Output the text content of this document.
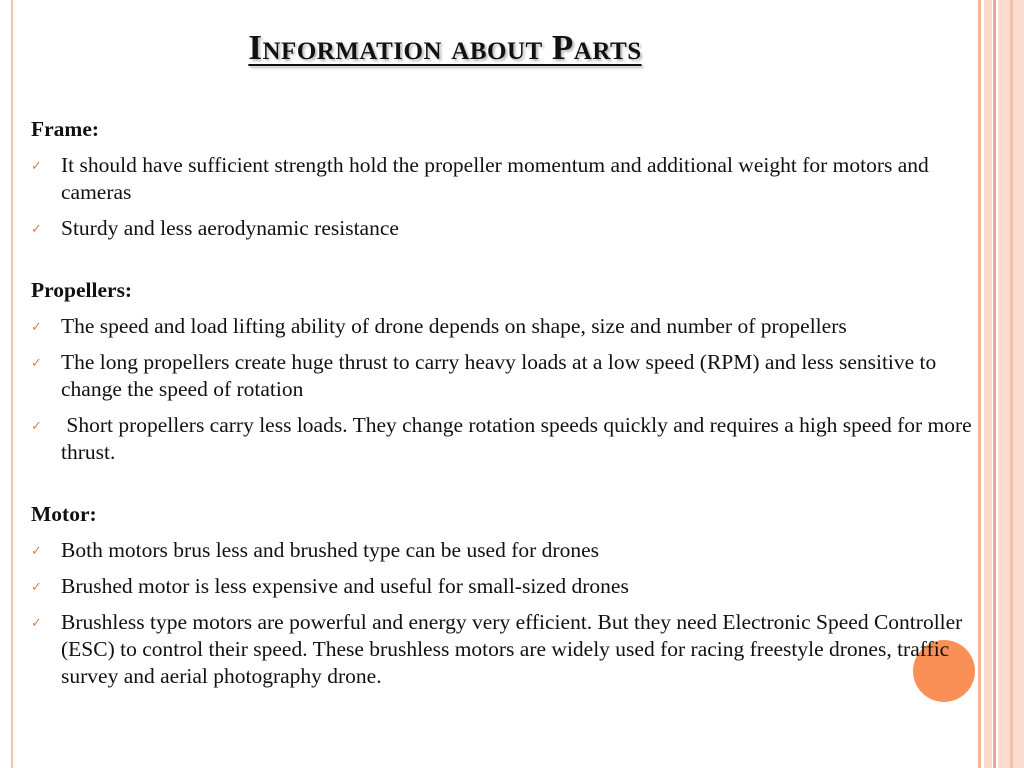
Information about Parts
Frame:
✓ It should have sufficient strength hold the propeller momentum and additional weight for motors and cameras
✓ Sturdy and less aerodynamic resistance
Propellers:
✓ The speed and load lifting ability of drone depends on shape, size and number of propellers
✓ The long propellers create huge thrust to carry heavy loads at a low speed (RPM) and less sensitive to change the speed of rotation
✓ Short propellers carry less loads. They change rotation speeds quickly and requires a high speed for more thrust.
Motor:
✓ Both motors brus less and brushed type can be used for drones
✓ Brushed motor is less expensive and useful for small-sized drones
✓ Brushless type motors are powerful and energy very efficient. But they need Electronic Speed Controller (ESC) to control their speed. These brushless motors are widely used for racing freestyle drones, traffic survey and aerial photography drone.
